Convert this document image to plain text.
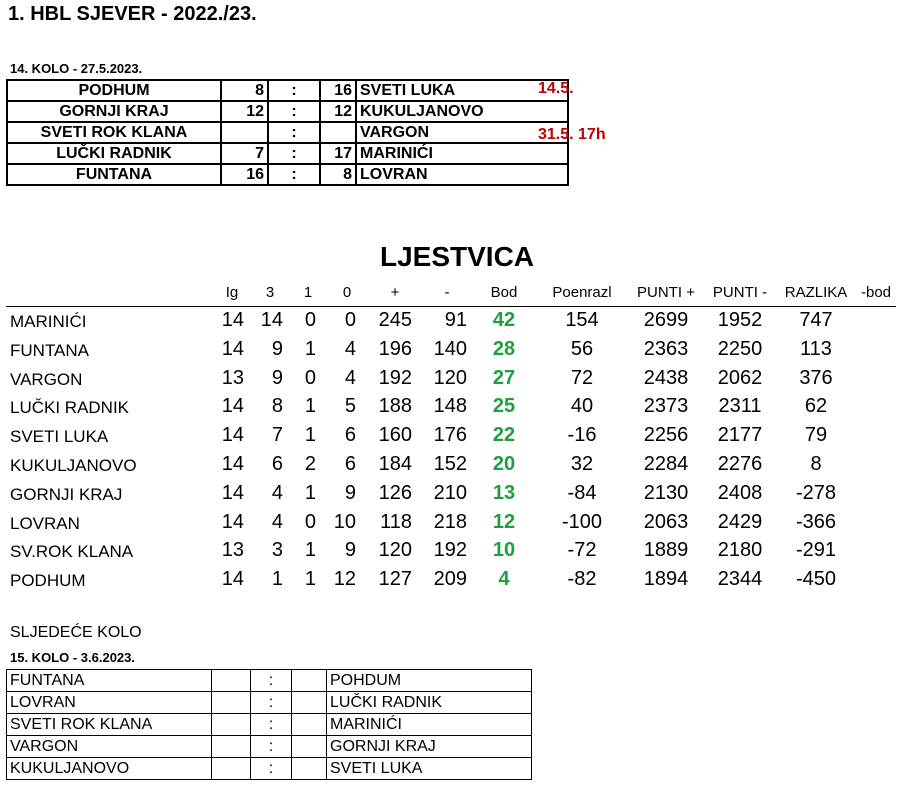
1. HBL SJEVER - 2022./23.
14. KOLO - 27.5.2023.
PODHUM	8	:	16	SVETI LUKA
GORNJI KRAJ	12	:	12	KUKULJANOVO
SVETI ROK KLANA		:		VARGON
LUČKI RADNIK	7	:	17	MARINIĆI
FUNTANA	16	:	8	LOVRAN
14.5.
31.5. 17h
LJESTVICA
Ig	3	1	0	+	-	Bod	Poenrazl	PUNTI +	PUNTI -	RAZLIKA -bod
MARINIĆI	14 14 0 0 245 91	42	154	2699	1952	747
FUNTANA	14 9 1 4 196 140	28	56	2363	2250	113
VARGON	13 9 0 4 192 120	27	72	2438	2062	376
LUČKI RADNIK	14 8 1 5 188 148	25	40	2373	2311	62
SVETI LUKA	14 7 1 6 160 176	22	-16	2256	2177	79
KUKULJANOVO	14 6 2 6 184 152	20	32	2284	2276	8
GORNJI KRAJ	14 4 1 9 126 210	13	-84	2130	2408	-278
LOVRAN	14 4 0 10 118 218	12	-100	2063	2429	-366
SV.ROK KLANA	13 3 1 9 120 192	10	-72	1889	2180	-291
PODHUM	14 1 1 12 127 209	4	-82	1894	2344	-450
SLJEDEĆE KOLO
15. KOLO - 3.6.2023.
FUNTANA		:		POHDUM
LOVRAN		:		LUČKI RADNIK
SVETI ROK KLANA		:		MARINIĆI
VARGON		:		GORNJI KRAJ
KUKULJANOVO		:		SVETI LUKA
